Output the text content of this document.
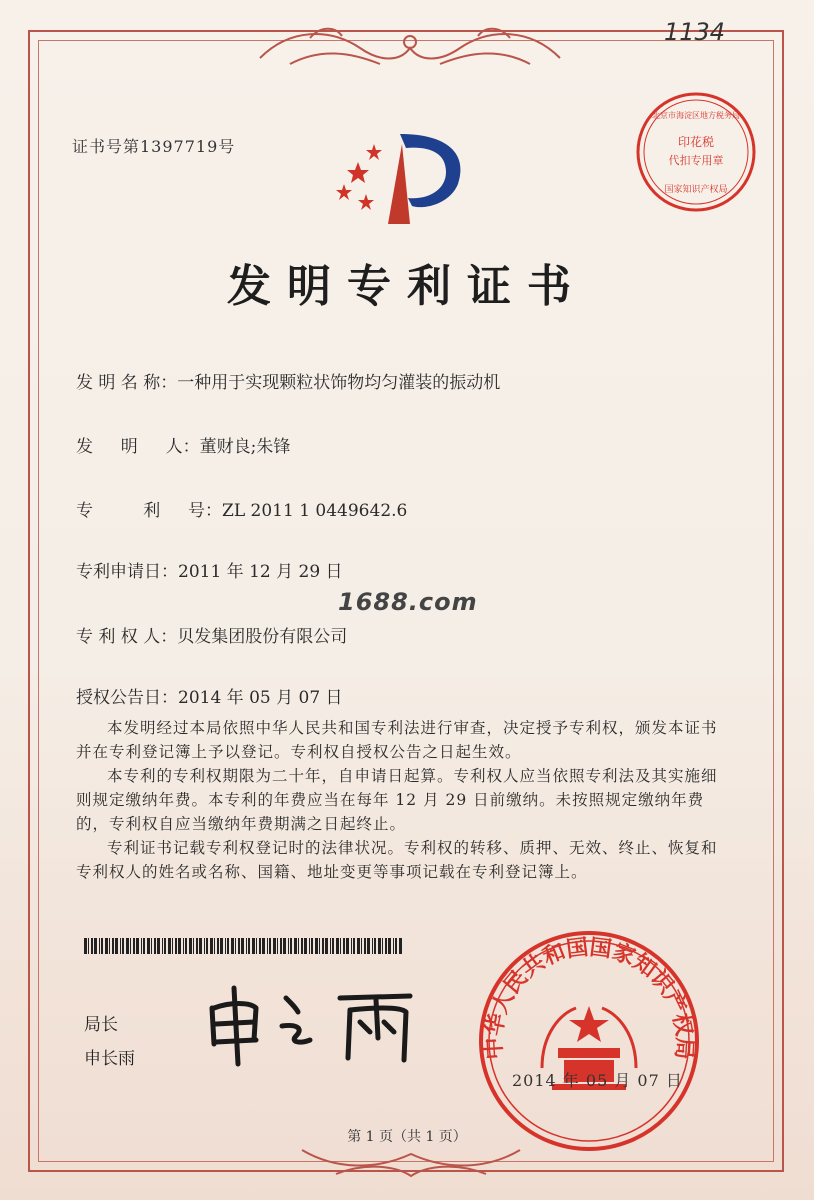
1134
证书号第1397719号	印花税
代扣专用章
北京市海淀区地方税务局
国家知识产权局
发明专利证书
发 明 名 称：一种用于实现颗粒状饰物均匀灌装的振动机
发 　 明 　 人：董财良;朱锋
专 　 　 利 　 号：ZL 2011 1 0449642.6
专利申请日：2011 年 12 月 29 日
专 利 权 人：贝发集团股份有限公司
授权公告日：2014 年 05 月 07 日
1688.com

本发明经过本局依照中华人民共和国专利法进行审查，决定授予专利权，颁发本证书并在专利登记簿上予以登记。专利权自授权公告之日起生效。

本专利的专利权期限为二十年，自申请日起算。专利权人应当依照专利法及其实施细则规定缴纳年费。本专利的年费应当在每年 12 月 29 日前缴纳。未按照规定缴纳年费的，专利权自应当缴纳年费期满之日起终止。

专利证书记载专利权登记时的法律状况。专利权的转移、质押、无效、终止、恢复和专利权人的姓名或名称、国籍、地址变更等事项记载在专利登记簿上。

局长
申长雨	中华人民共和国国家知识产权局
2014 年 05 月 07 日
第 1 页（共 1 页）
